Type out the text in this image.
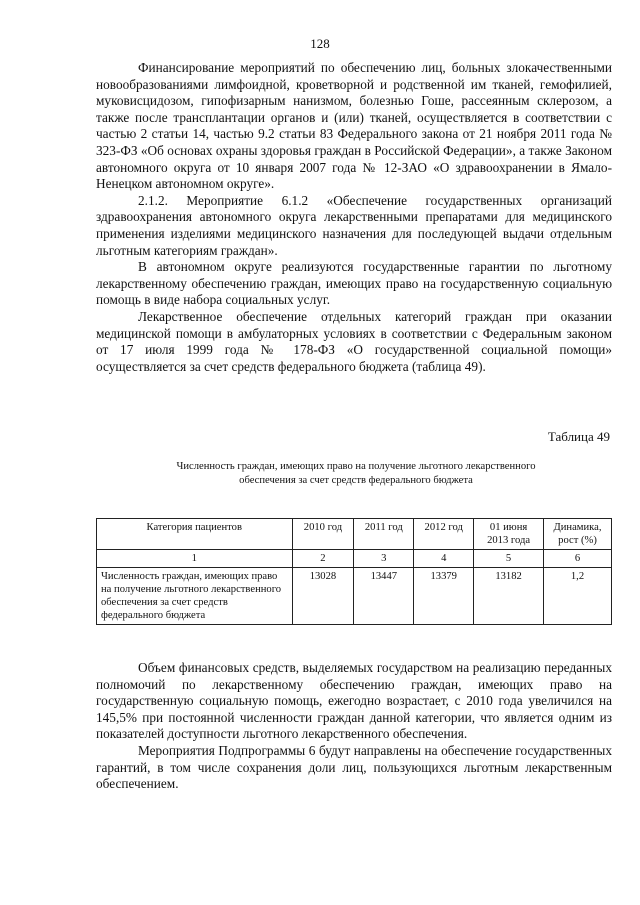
128

Финансирование мероприятий по обеспечению лиц, больных злокачественными новообразованиями лимфоидной, кроветворной и родственной им тканей, гемофилией, муковисцидозом, гипофизарным нанизмом, болезнью Гоше, рассеянным склерозом, а также после трансплантации органов и (или) тканей, осуществляется в соответствии с частью 2 статьи 14, частью 9.2 статьи 83 Федерального закона от 21 ноября 2011 года № 323-ФЗ «Об основах охраны здоровья граждан в Российской Федерации», а также Законом автономного округа от 10 января 2007 года № 12-ЗАО «О здравоохранении в Ямало-Ненецком автономном округе».

2.1.2. Мероприятие 6.1.2 «Обеспечение государственных организаций здравоохранения автономного округа лекарственными препаратами для медицинского применения изделиями медицинского назначения для последующей выдачи отдельным льготным категориям граждан».

В автономном округе реализуются государственные гарантии по льготному лекарственному обеспечению граждан, имеющих право на государственную социальную помощь в виде набора социальных услуг.

Лекарственное обеспечение отдельных категорий граждан при оказании медицинской помощи в амбулаторных условиях в соответствии с Федеральным законом от 17 июля 1999 года № 178-ФЗ «О государственной социальной помощи» осуществляется за счет средств федерального бюджета (таблица 49).

Таблица 49
Численность граждан, имеющих право на получение льготного лекарственного обеспечения за счет средств федерального бюджета
Категория пациентов	2010 год	2011 год	2012 год	01 июня 2013 года	Динамика, рост (%)
1	2	3	4	5	6
Численность граждан, имеющих право на получение льготного лекарственного обеспечения за счет средств федерального бюджета	13028	13447	13379	13182	1,2

Объем финансовых средств, выделяемых государством на реализацию переданных полномочий по лекарственному обеспечению граждан, имеющих право на государственную социальную помощь, ежегодно возрастает, с 2010 года увеличился на 145,5% при постоянной численности граждан данной категории, что является одним из показателей доступности льготного лекарственного обеспечения.

Мероприятия Подпрограммы 6 будут направлены на обеспечение государственных гарантий, в том числе сохранения доли лиц, пользующихся льготным лекарственным обеспечением.
